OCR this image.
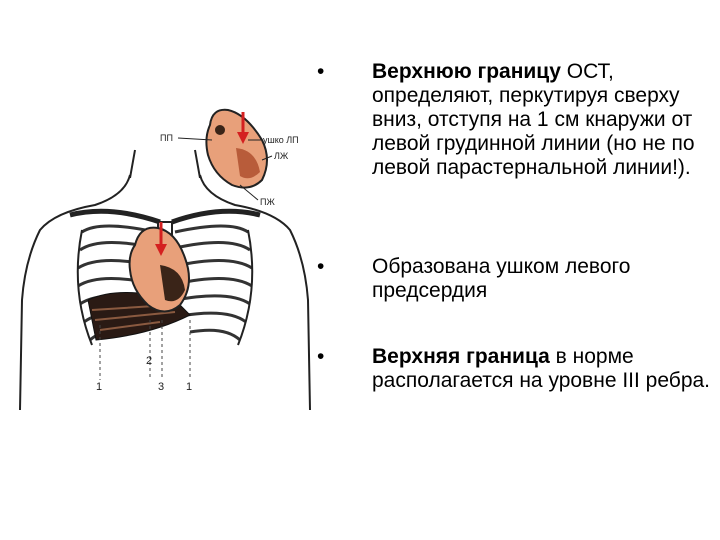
1
2
3 1
ПП	ушко ЛП
ЛЖ
ПЖ
• Верхнюю границу ОСТ, определяют, перкутируя сверху вниз, отступя на 1 см кнаружи от левой грудинной линии (но не по левой парастернальной линии!).
• Образована ушком левого предсердия
• Верхняя граница в норме располагается на уровне III ребра.
